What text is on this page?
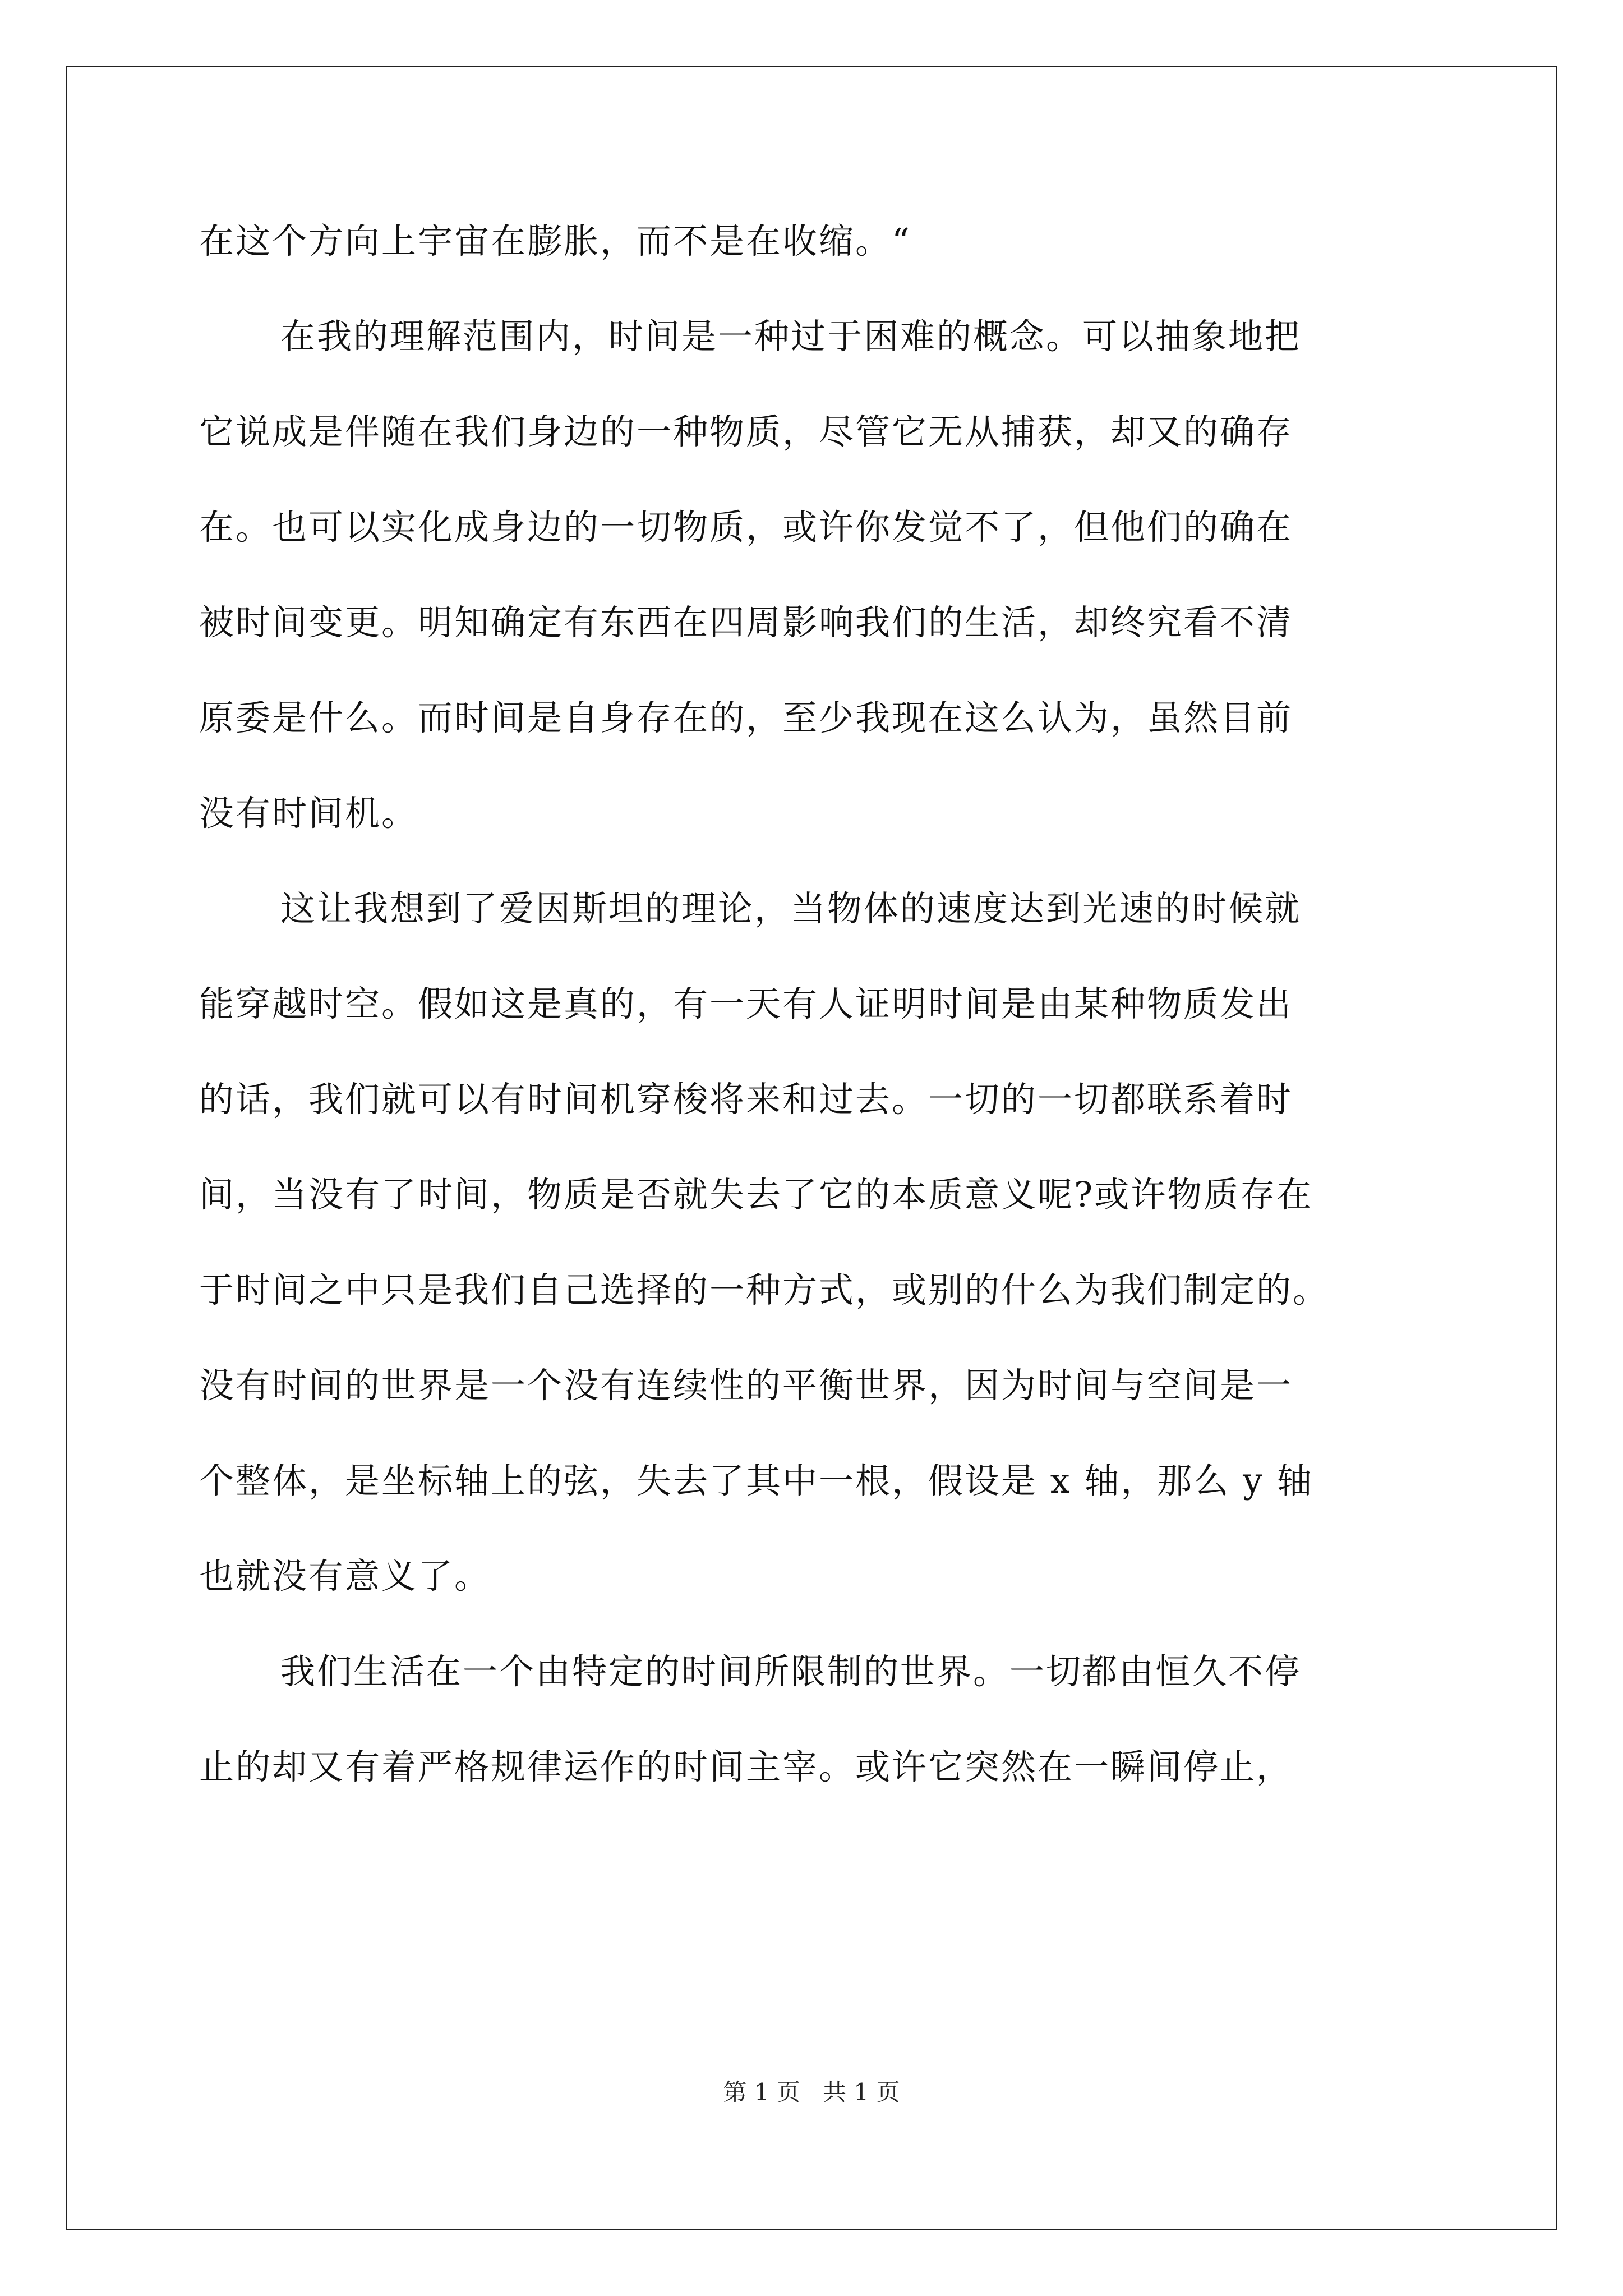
在这个方向上宇宙在膨胀，而不是在收缩。“
在我的理解范围内，时间是一种过于困难的概念。可以抽象地把
它说成是伴随在我们身边的一种物质，尽管它无从捕获，却又的确存
在。也可以实化成身边的一切物质，或许你发觉不了，但他们的确在
被时间变更。明知确定有东西在四周影响我们的生活，却终究看不清
原委是什么。而时间是自身存在的，至少我现在这么认为，虽然目前
没有时间机。
这让我想到了爱因斯坦的理论，当物体的速度达到光速的时候就
能穿越时空。假如这是真的，有一天有人证明时间是由某种物质发出
的话，我们就可以有时间机穿梭将来和过去。一切的一切都联系着时
间，当没有了时间，物质是否就失去了它的本质意义呢?或许物质存在
于时间之中只是我们自己选择的一种方式，或别的什么为我们制定的。
没有时间的世界是一个没有连续性的平衡世界，因为时间与空间是一
个整体，是坐标轴上的弦，失去了其中一根，假设是 x 轴，那么 y 轴
也就没有意义了。
我们生活在一个由特定的时间所限制的世界。一切都由恒久不停
止的却又有着严格规律运作的时间主宰。或许它突然在一瞬间停止，
第 1 页   共 1 页
